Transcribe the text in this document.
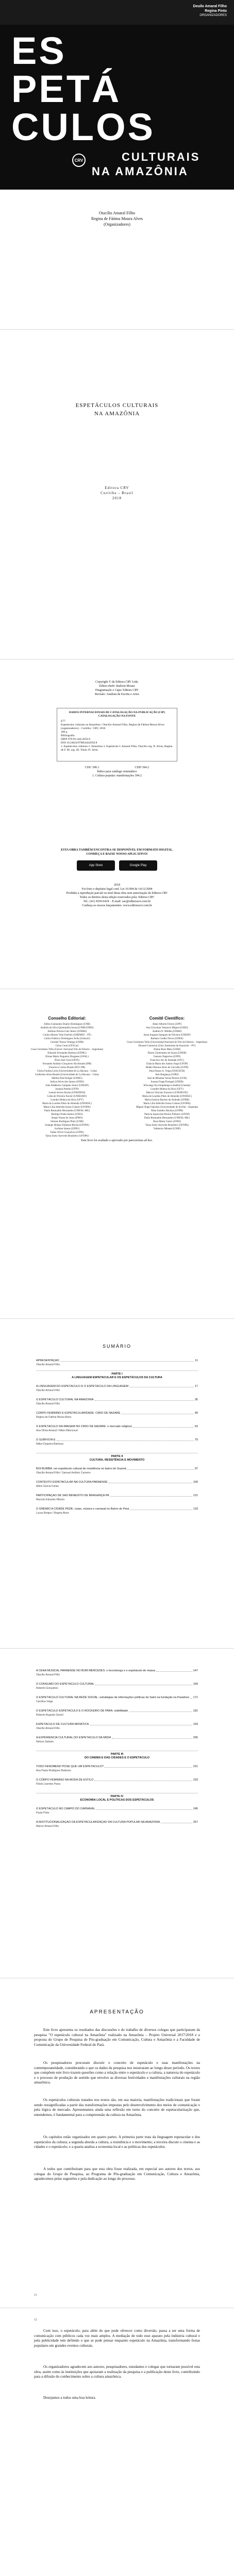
Deuilo Amaral Filho
Regina Pinto
ORGANIZADORES
ES
PETÁ
CULOS
CULTURAIS
NA AMAZÔNIA
CRV
Otacílio Amaral Filho
Regina de Fátima Moura Alves
(Organizadores)
ESPETÁCULOS CULTURAIS
NA AMAZÔNIA
Editora CRV
Curitiba – Brasil
2018
Copyright © da Editora CRV Ltda.
Editor-chefe: Railson Moura
Diagramação e Capa: Editora CRV
Revisão: Analista de Escrita e Artes
DADOS INTERNACIONAIS DE CATALOGAÇÃO-NA-PUBLICAÇÃO (CIP)
CATALOGAÇÃO NA FONTE
E77
Espetáculos culturais na Amazônia / Otacílio Amaral Filho, Regina de Fátima Moura Alves (organizadores) – Curitiba : CRV, 2018.
180 p.
Bibliografia
ISBN 978-85-444-2650-8
DOI 10.24824/978854442650.8
1. Espetáculos culturais 2. Amazônia 3. Espetáculo I. Amaral Filho, Otacílio org. II. Alves, Regina de F. M. org. III. Título IV. Série.
CDU 390.1                                              CDD 394.2
Índice para catálogo sistemático
1. Cultura popular: manifestações 394.2
ESTA OBRA TAMBÉM ENCONTRA-SE DISPONÍVEL EM FORMATO DIGITAL.
CONHEÇA E BAIXE NOSSO APLICATIVO!
App Store	Google Play
2018
Foi feito o depósito legal conf. Lei 10.994 de 14/12/2004
Proibida a reprodução parcial ou total desta obra sem autorização da Editora CRV
Todos os direitos desta edição reservados pela: Editora CRV
Tel.: (41) 3039-6418 – E-mail: sac@editoracrv.com.br
Conheça os nossos lançamentos: www.editoracrv.com.br
Conselho Editorial:
Aldira Guimarães Duarte Domínguez (UNB)
Andréia da Silva Quintanilha Sousa (UNIR/UFRN)
Antônio Pereira Gaio Júnior (UFRRJ)
Carlos Alberto Vilar Estêvão (UMINHO – PT)
Carlos Federico Domínguez Avila (Unieuro)
Carmen Tereza Velanga (UNIR)
Celso Conti (UFSCar)
Cesar Gerónimo Tello (Univer. Nacional Três de Febrero – Argentina)
Eduardo Fernandes Barbosa (UFMG)
Elione Maria Nogueira Diogenes (UFAL)
Élsio José Corá (UFFS)
Fernando Antônio Gonçalves Alcoforado (IPB)
Francisco Carlos Duarte (PUC-PR)
Gloria Fariñas León (Universidade de La Havana – Cuba)
Guillermo Arias Beatón (Universidade de La Havana – Cuba)
Helmut Paul Krüger (UFMG)
Jailson Alves dos Santos (UFRJ)
João Adalberto Campato Junior (UNESP)
Josania Portela (UFPI)
Leonel Severo Rocha (UNISINOS)
Lídia de Oliveira Xavier (UNIEURO)
Lourdes Helena da Silva (UFV)
Maria de Lourdes Pinto de Almeida (UNOESC)
Maria Lília Imbiriba Sousa Colares (UFOPA)
Paulo Romualdo Hernandes (UNIFAL-MG)
Rodrigo Pratte-Santos (UFES)
Sérgio Nunes de Jesus (IFRO)
Simone Rodrigues Pinto (UNB)
Solange Helena Ximenes-Rocha (UFOPA)
Sydione Santos (UEPG)
Tadeu Oliver Gonçalves (UFPA)
Tania Suely Azevedo Brasileiro (UFOPA)
Comitê Científico:
Altair Alberto Fávero (UPF)
Ana Chrystina Venancio Mignot (UERJ)
Andréia N. Militão (UEMS)
Anna Augusta Sampaio de Oliveira (UNESP)
Barbara Coelho Neves (UFBA)
Cesar Gerónimo Tello (Universidad Nacional de Três de Febrero – Argentina)
Diosnel Centurion (Univ Autónoma de Asunción – PY)
Eliane Rose Maio (UEM)
Elizeu Clementino de Souza (UNEB)
Fauston Negreiros (UFPI)
Francisco Ari de Andrade (UFC)
Gláucia Maria dos Santos Jorge (UFOP)
Helder Buenos Aires de Carvalho (UFPI)
Ilma Passos A. Veiga (UNICEUB)
Inês Bragança (UERJ)
José de Ribamar Sousa Pereira (UCB)
Jussara Fraga Portugal (UNEB)
Kilwangy Kya Kapitango-a-Samba (Unemat)
Lourdes Helena da Silva (UFV)
Marcos Vinicius Francisco (UNOESTE)
Maria de Lourdes Pinto de Almeida (UNOESC)
Maria Eurácia Barreto de Andrade (UFRB)
Maria Lília Imbiriba Sousa Colares (UFOPA)
Míguel Ángel Sánchez (Universidade de Sevilla – Espanha)
Nilsa Sumiko Hachiya (UFPR)
Patricia Aparecida Pereira Pinheiro (UFOP)
Paulo Romualdo Hernandes (UNIFAL-MG)
Rosa Maria Castro (UFRJ)
Tania Suely Azevedo Brasileiro (UFOPA)
Valdenice Minatel (UNIP)
Este livro foi avaliado e aprovado por pareceristas ad hoc.
SUMÁRIO
APRESENTAÇÃO	11
Otacílio Amaral Filho
PARTE I
A LINGUAGEM ESPETACULAR E OS ESPETÁCULOS DA CULTURA
A LINGUAGEM DO ESPETÁCULO E O ESPETÁCULO DA LINGUAGEM	17
Otacílio Amaral Filho
O ESPETÁCULO CULTURAL NA AMAZÔNIA	35
Otacílio Amaral Filho
CORPO FEMININO E ESPETACULARIDADE: CÍRIO DE NAZARÉ	49
Regina de Fátima Moura Alves
O ESPETÁCULO DA IMAGEM NO CÍRIO DE NAZARÉ: o mercado religioso	63
Ana Olívia Amaral / Nilton Bitencourt
O SURFISTA E	79
Nilton Dejanira Barbosa
PARTE II
CULTURA, RESISTÊNCIA E MOVIMENTO
BOI-BUMBÁ: um espetáculo cultural de resistência no bairro do Guamá	97
Otacílio Amaral Filho / Samuel Antônio Carneiro
CONTEXTO ESPETACULAR NA CULTURA PARAENSE	109
Ailton Garcia Farias
PARTICIPAÇÃO DE SÃO BENEDITO DE BRAGANÇA PA	121
Marcelo Eduardo Ribeiro
O GRÊMIO A CIDADE PEDE: corpo, música e carnaval no Bairro do Pará	133
Lucas Borges / Regina Alves
A CENA MUSICAL PARAENSE NO BOM MERCEDES: o tecnobrega e o espetáculo de massa	147
Otacílio Amaral Filho
O CONSUMO DO ESPETÁCULO CULTURAL	159
Roberto Gonçalves
O ESPETÁCULO CULTURAL NA REDE SOCIAL: estratégias de informações políticas do Sairé na fundação na Paradoxo 171
Carolina Veiga
O ESPETÁCULO ESPETÁCULO E O ROCKEIRO DE PARÁ: visibilidade	181
Roberto Augusto Gaviol
ESPETÁCULO DE CULTURA MIDIÁTICA	193
Otacílio Amaral Filho
A EXPERIÊNCIA CULTURAL DO ESPETÁCULO DA MÍDIA	205
Nelson Sabarin
PARTE III
DO CINEMA E DAS CIDADES E O ESPETÁCULO
TODO FENÔMENO POSE QUE UM ESPETÁCULO?	221
Ana Paula Rodrigues Barbosa
O CORPO FEMININO NA MODA DE ESTILO	233
Flávia Leandra Paiva
PARTE IV
ECONOMIA LOCAL E POLÍTICAS DOS ESPETÁCULOS
O ESPETÁCULO NO CAMPO DO CARNAVAL	245
Paulo Pinto
A INSTITUCIONALIZAÇÃO DA ESPETACULARIZAÇÃO DA CULTURA POPULAR NA AMAZÔNIA	257
Márcio Amaral Filho
APRESENTAÇÃO
Este livro apresenta os resultados das discussões e do trabalho de diversos colegas que participaram da pesquisa "O espetáculo cultural na Amazônia" realizado na Amazônia – Projeto Universal 2017/2018 e a proposta do Grupo de Pesquisa de Pós-graduação em Comunicação, Cultura e Amazônia e a Faculdade de Comunicação da Universidade Federal do Pará.
Os pesquisadores procuram discutir o conceito de espetáculo e suas manifestações na contemporaneidade, considerando o que os dados da pesquisa nos mostraram ao longo desse período. Os textos que compõem este livro trazem questões como a relação entre o espetáculo e a cultura, a natureza do espetáculo e o processo de produção de sentido que envolve as diversas festividades e manifestações culturais na região amazônica.
Os espetáculos culturais tratados nos textos são, em sua maioria, manifestações tradicionais que foram sendo ressignificadas a partir das transformações impostas pelo desenvolvimento dos meios de comunicação e pela lógica de mercado. Apresentamos ainda uma reflexão em torno do conceito de espetacularização que, entendemos, é fundamental para a compreensão da cultura na Amazônia.
Os capítulos estão organizados em quatro partes. A primeira parte trata da linguagem espetacular e dos espetáculos da cultura; a segunda aborda a cultura, a resistência e o movimento; a terceira discute o cinema e as cidades e o espetáculo; e a quarta analisa a economia local e as políticas dos espetáculos.
A todos que contribuíram para que esta obra fosse realizada, em especial aos autores dos textos, aos colegas do Grupo de Pesquisa, ao Programa de Pós-graduação em Comunicação, Cultura e Amazônia, agradecemos pelas sugestões e pela dedicação ao longo do processo.
11
Com isso, o espetáculo, para além do que pode oferecer como diversão, passa a ser uma forma de comunicação com públicos cada vez mais amplos. A mediação de todo esse aparato pela indústria cultural e pela publicidade tem definido o que se pode pensar enquanto espetáculo na Amazônia, transformando festas populares em grandes eventos culturais.
Os organizadores agradecem aos autores, pesquisadores, estudantes e colegas que tornaram possível esta obra, assim como às instituições que apoiaram a realização da pesquisa e a publicação deste livro, contribuindo para a difusão do conhecimento sobre a cultura amazônica.
Desejamos a todos uma boa leitura.
12
